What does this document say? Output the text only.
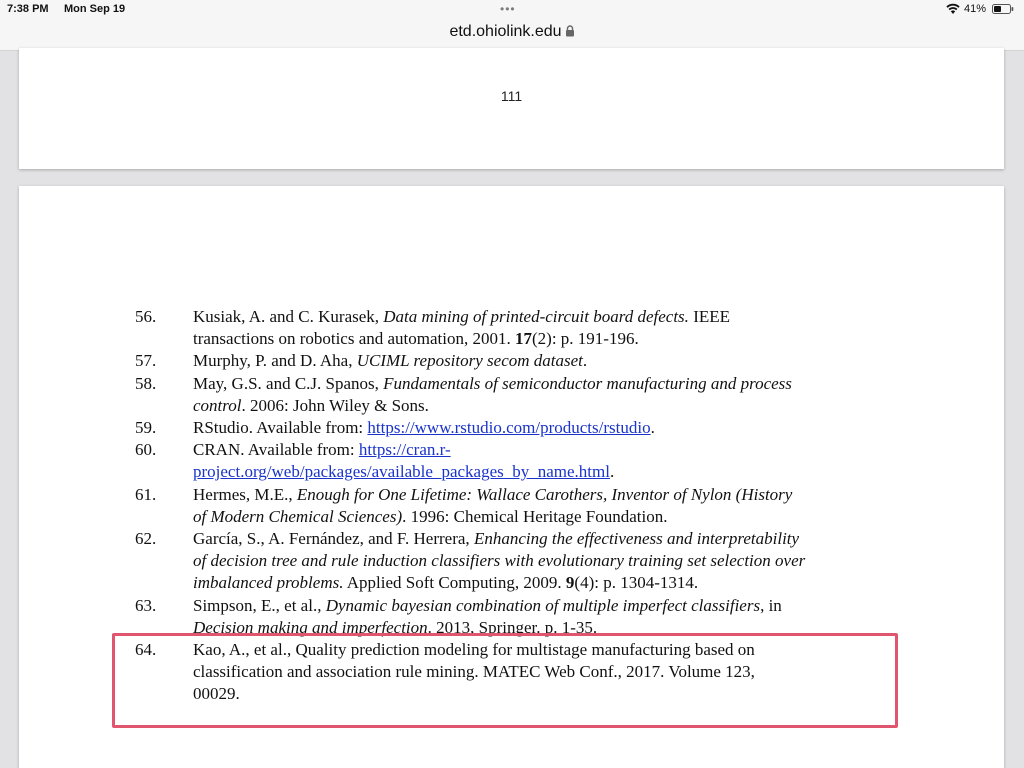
7:38 PM Mon Sep 19	•••	41%
etd.ohiolink.edu
111
56. Kusiak, A. and C. Kurasek, Data mining of printed-circuit board defects. IEEE
transactions on robotics and automation, 2001. 17(2): p. 191-196.
57. Murphy, P. and D. Aha, UCIML repository secom dataset.
58. May, G.S. and C.J. Spanos, Fundamentals of semiconductor manufacturing and process
control. 2006: John Wiley & Sons.
59. RStudio. Available from: https://www.rstudio.com/products/rstudio.
60. CRAN. Available from: https://cran.r-
project.org/web/packages/available_packages_by_name.html.
61. Hermes, M.E., Enough for One Lifetime: Wallace Carothers, Inventor of Nylon (History
of Modern Chemical Sciences). 1996: Chemical Heritage Foundation.
62. García, S., A. Fernández, and F. Herrera, Enhancing the effectiveness and interpretability
of decision tree and rule induction classifiers with evolutionary training set selection over
imbalanced problems. Applied Soft Computing, 2009. 9(4): p. 1304-1314.
63. Simpson, E., et al., Dynamic bayesian combination of multiple imperfect classifiers, in
Decision making and imperfection. 2013, Springer. p. 1-35.
64. Kao, A., et al., Quality prediction modeling for multistage manufacturing based on
classification and association rule mining. MATEC Web Conf., 2017. Volume 123,
00029.
